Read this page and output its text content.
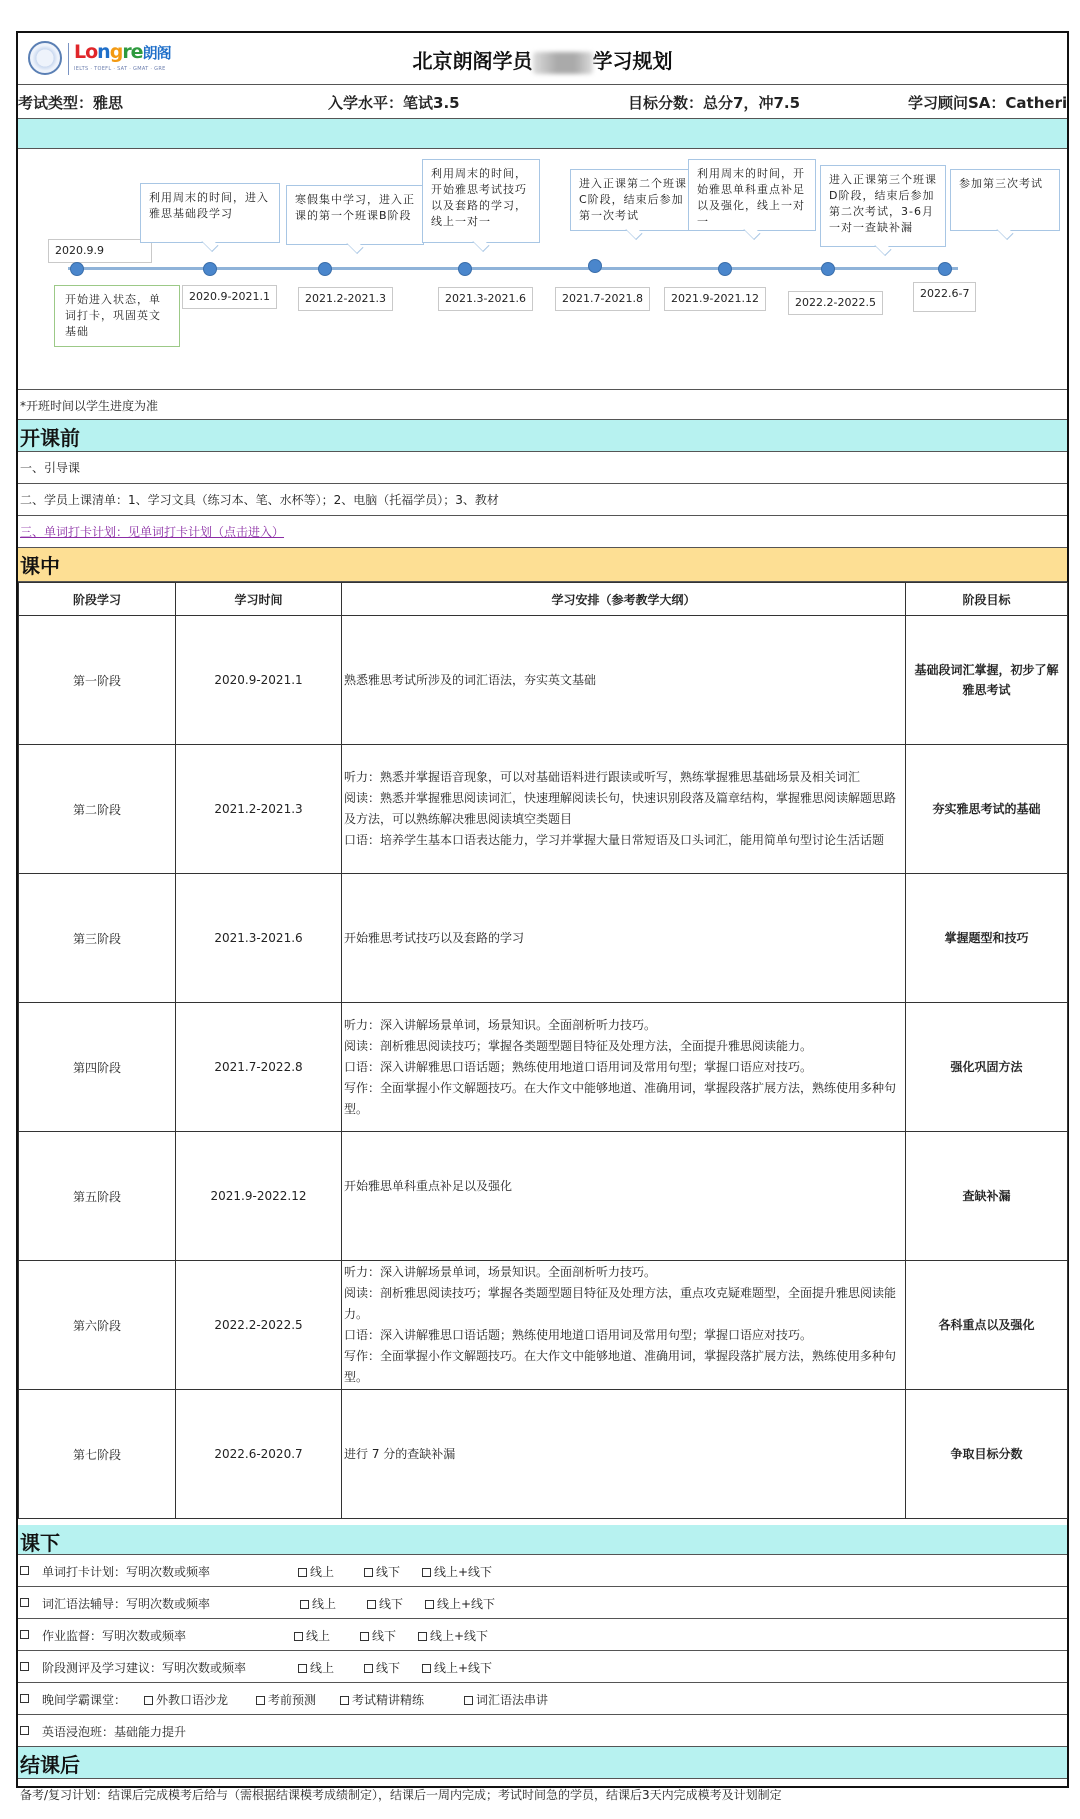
Longre朗阁
IELTS · TOEFL · SAT · GMAT · GRE	北京朗阁学员	学习规划
考试类型：雅思	入学水平：笔试3.5	目标分数：总分7，冲7.5	学习顾问SA：Catheri
2020.9.9
开始进入状态，单词打卡，巩固英文基础
利用周末的时间，进入雅思基础段学习
2020.9-2021.1
寒假集中学习，进入正课的第一个班课B阶段
2021.2-2021.3
利用周末的时间，开始雅思考试技巧以及套路的学习，线上一对一
2021.3-2021.6
进入正课第二个班课C阶段，结束后参加第一次考试
2021.7-2021.8
利用周末的时间，开始雅思单科重点补足以及强化，线上一对一
2021.9-2021.12
进入正课第三个班课D阶段，结束后参加第二次考试，3-6月一对一查缺补漏
2022.2-2022.5
参加第三次考试
2022.6-7
*开班时间以学生进度为准
开课前
一、引导课
二、学员上课清单：1、学习文具（练习本、笔、水杯等）；2、电脑（托福学员）；3、教材
三、单词打卡计划：见单词打卡计划（点击进入）
课中
阶段学习	学习时间	学习安排（参考教学大纲）	阶段目标
第一阶段	2020.9-2021.1	熟悉雅思考试所涉及的词汇语法，夯实英文基础	基础段词汇掌握，初步了解雅思考试
第二阶段	2021.2-2021.3	听力：熟悉并掌握语音现象，可以对基础语料进行跟读或听写，熟练掌握雅思基础场景及相关词汇
阅读：熟悉并掌握雅思阅读词汇，快速理解阅读长句，快速识别段落及篇章结构，掌握雅思阅读解题思路及方法，可以熟练解决雅思阅读填空类题目
口语：培养学生基本口语表达能力，学习并掌握大量日常短语及口头词汇，能用简单句型讨论生活话题	夯实雅思考试的基础
第三阶段	2021.3-2021.6	开始雅思考试技巧以及套路的学习	掌握题型和技巧
第四阶段	2021.7-2022.8	听力：深入讲解场景单词，场景知识。全面剖析听力技巧。
阅读：剖析雅思阅读技巧；掌握各类题型题目特征及处理方法，全面提升雅思阅读能力。
口语：深入讲解雅思口语话题；熟练使用地道口语用词及常用句型；掌握口语应对技巧。
写作：全面掌握小作文解题技巧。在大作文中能够地道、准确用词，掌握段落扩展方法，熟练使用多种句型。	强化巩固方法
第五阶段	2021.9-2022.12	开始雅思单科重点补足以及强化	查缺补漏
第六阶段	2022.2-2022.5	听力：深入讲解场景单词，场景知识。全面剖析听力技巧。
阅读：剖析雅思阅读技巧；掌握各类题型题目特征及处理方法，重点攻克疑难题型，全面提升雅思阅读能力。
口语：深入讲解雅思口语话题；熟练使用地道口语用词及常用句型；掌握口语应对技巧。
写作：全面掌握小作文解题技巧。在大作文中能够地道、准确用词，掌握段落扩展方法，熟练使用多种句型。	各科重点以及强化
第七阶段	2022.6-2020.7	进行 7 分的查缺补漏	争取目标分数
课下
单词打卡计划：写明次数或频率	线上	线下	线上+线下
词汇语法辅导：写明次数或频率	线上	线下	线上+线下
作业监督：写明次数或频率	线上	线下	线上+线下
阶段测评及学习建议：写明次数或频率	线上	线下	线上+线下
晚间学霸课堂：	外教口语沙龙	考前预测	考试精讲精练	词汇语法串讲
英语浸泡班：基础能力提升
结课后
备考/复习计划：结课后完成模考后给与（需根据结课模考成绩制定），结课后一周内完成；考试时间急的学员，结课后3天内完成模考及计划制定
